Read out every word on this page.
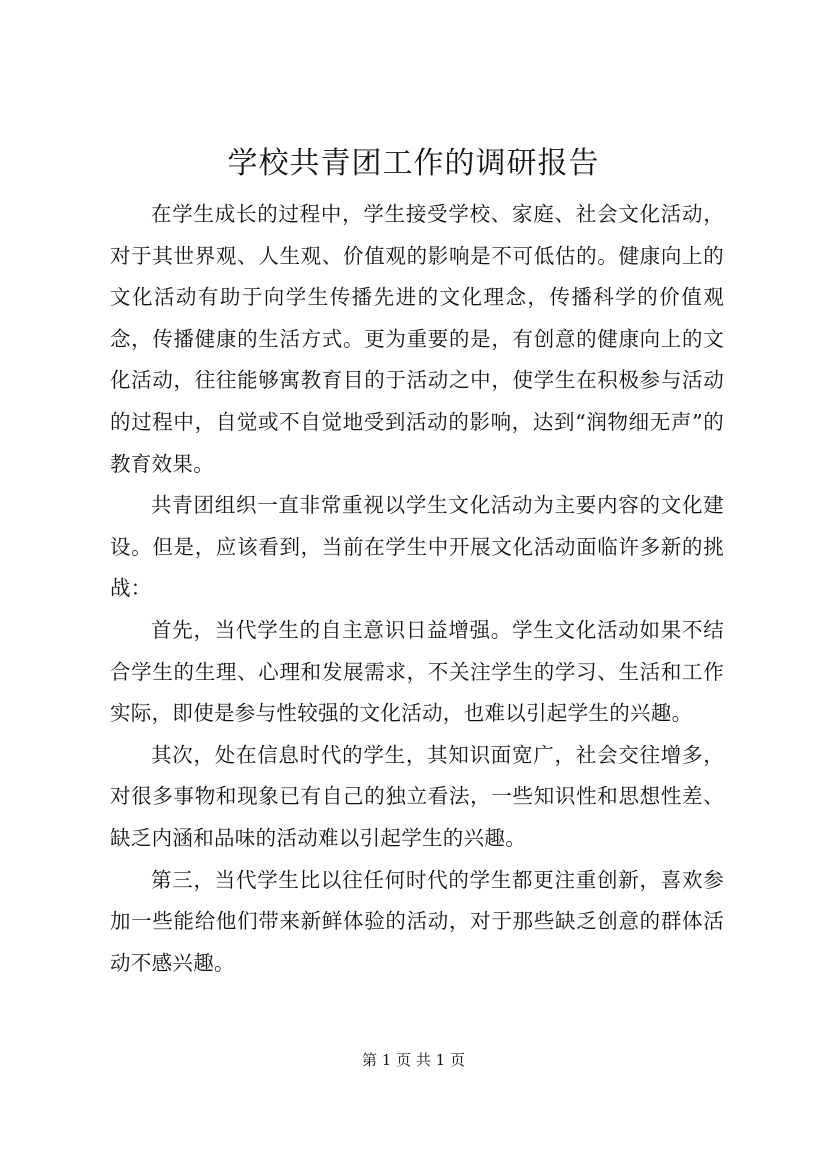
学校共青团工作的调研报告

在学生成长的过程中，学生接受学校、家庭、社会文化活动，对于其世界观、人生观、价值观的影响是不可低估的。健康向上的文化活动有助于向学生传播先进的文化理念，传播科学的价值观念，传播健康的生活方式。更为重要的是，有创意的健康向上的文化活动，往往能够寓教育目的于活动之中，使学生在积极参与活动的过程中，自觉或不自觉地受到活动的影响，达到“润物细无声”的教育效果。

共青团组织一直非常重视以学生文化活动为主要内容的文化建设。但是，应该看到，当前在学生中开展文化活动面临许多新的挑战：

首先，当代学生的自主意识日益增强。学生文化活动如果不结合学生的生理、心理和发展需求，不关注学生的学习、生活和工作实际，即使是参与性较强的文化活动，也难以引起学生的兴趣。

其次，处在信息时代的学生，其知识面宽广，社会交往增多，对很多事物和现象已有自己的独立看法，一些知识性和思想性差、缺乏内涵和品味的活动难以引起学生的兴趣。

第三，当代学生比以往任何时代的学生都更注重创新，喜欢参加一些能给他们带来新鲜体验的活动，对于那些缺乏创意的群体活动不感兴趣。

第 1 页 共 1 页
